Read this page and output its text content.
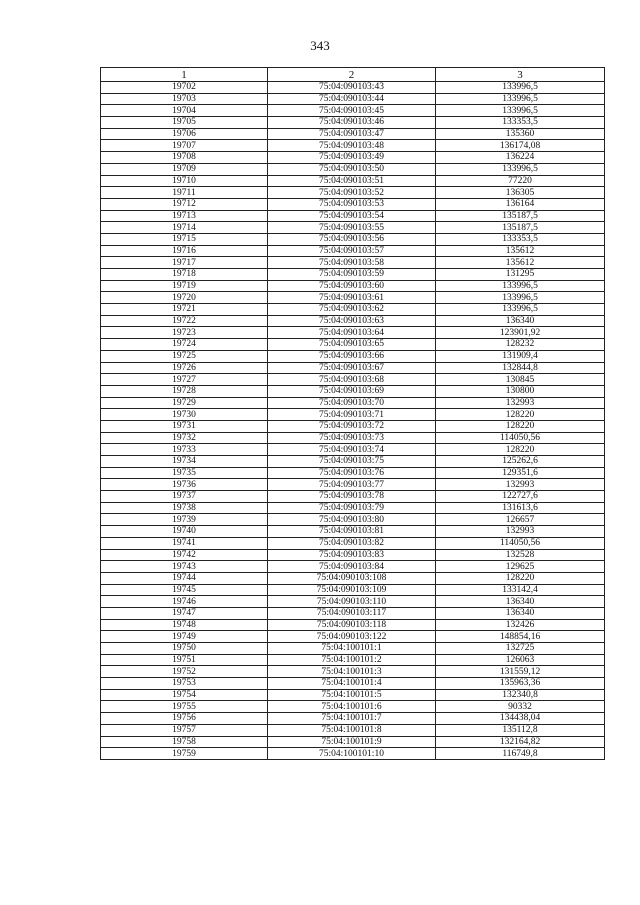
343
1	2	3
19702	75:04:090103:43	133996,5
19703	75:04:090103:44	133996,5
19704	75:04:090103:45	133996,5
19705	75:04:090103:46	133353,5
19706	75:04:090103:47	135360
19707	75:04:090103:48	136174,08
19708	75:04:090103:49	136224
19709	75:04:090103:50	133996,5
19710	75:04:090103:51	77220
19711	75:04:090103:52	136305
19712	75:04:090103:53	136164
19713	75:04:090103:54	135187,5
19714	75:04:090103:55	135187,5
19715	75:04:090103:56	133353,5
19716	75:04:090103:57	135612
19717	75:04:090103:58	135612
19718	75:04:090103:59	131295
19719	75:04:090103:60	133996,5
19720	75:04:090103:61	133996,5
19721	75:04:090103:62	133996,5
19722	75:04:090103:63	136340
19723	75:04:090103:64	123901,92
19724	75:04:090103:65	128232
19725	75:04:090103:66	131909,4
19726	75:04:090103:67	132844,8
19727	75:04:090103:68	130845
19728	75:04:090103:69	130800
19729	75:04:090103:70	132993
19730	75:04:090103:71	128220
19731	75:04:090103:72	128220
19732	75:04:090103:73	114050,56
19733	75:04:090103:74	128220
19734	75:04:090103:75	125262,6
19735	75:04:090103:76	129351,6
19736	75:04:090103:77	132993
19737	75:04:090103:78	122727,6
19738	75:04:090103:79	131613,6
19739	75:04:090103:80	126657
19740	75:04:090103:81	132993
19741	75:04:090103:82	114050,56
19742	75:04:090103:83	132528
19743	75:04:090103:84	129625
19744	75:04:090103:108	128220
19745	75:04:090103:109	133142,4
19746	75:04:090103:110	136340
19747	75:04:090103:117	136340
19748	75:04:090103:118	132426
19749	75:04:090103:122	148854,16
19750	75:04:100101:1	132725
19751	75:04:100101:2	126063
19752	75:04:100101:3	131559,12
19753	75:04:100101:4	135963,36
19754	75:04:100101:5	132340,8
19755	75:04:100101:6	90332
19756	75:04:100101:7	134438,04
19757	75:04:100101:8	135112,8
19758	75:04:100101:9	132164,82
19759	75:04:100101:10	116749,8
